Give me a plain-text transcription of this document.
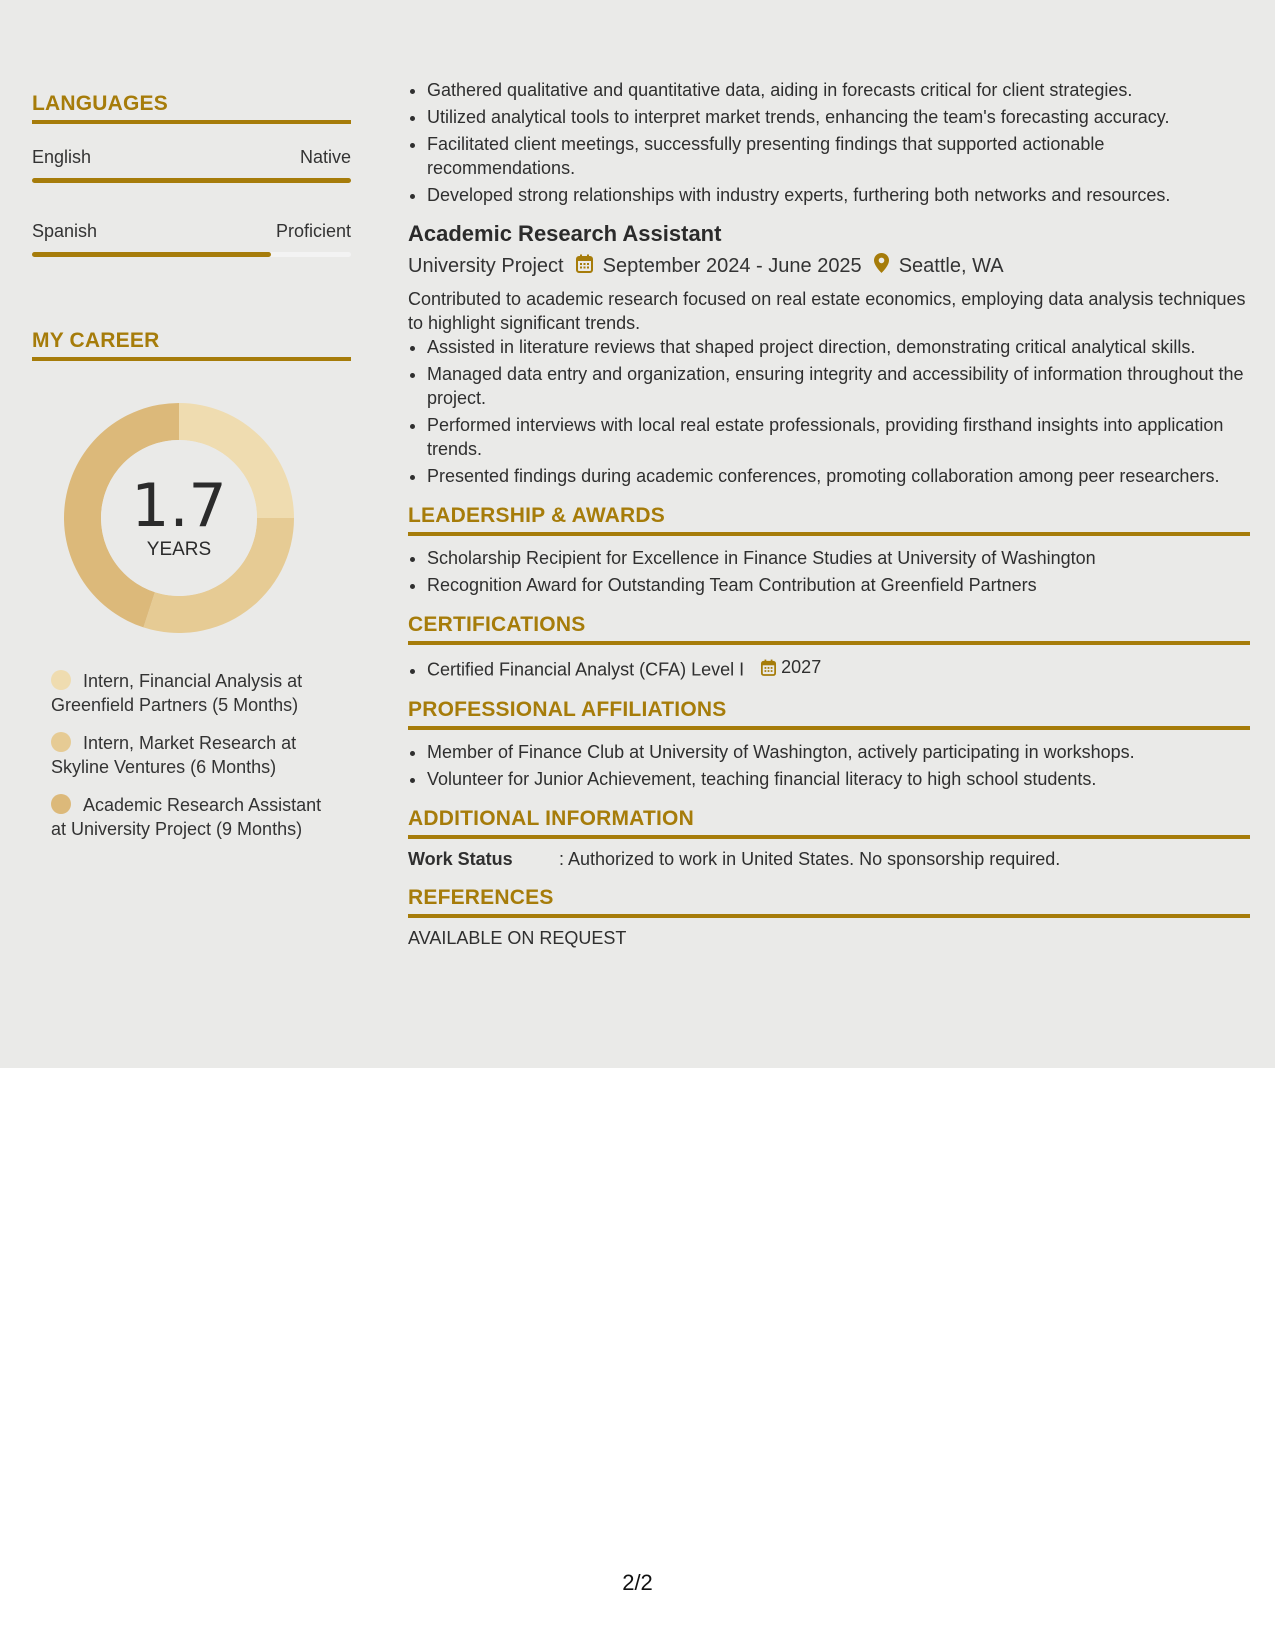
LANGUAGES
English	Native
Spanish	Proficient
MY CAREER
1.7
YEARS
Intern, Financial Analysis at Greenfield Partners (5 Months)
Intern, Market Research at Skyline Ventures (6 Months)
Academic Research Assistant at University Project (9 Months)
• Gathered qualitative and quantitative data, aiding in forecasts critical for client strategies.
• Utilized analytical tools to interpret market trends, enhancing the team's forecasting accuracy.
• Facilitated client meetings, successfully presenting findings that supported actionable recommendations.
• Developed strong relationships with industry experts, furthering both networks and resources.
Academic Research Assistant
University Project September 2024 - June 2025 Seattle, WA
Contributed to academic research focused on real estate economics, employing data analysis techniques to highlight significant trends.
• Assisted in literature reviews that shaped project direction, demonstrating critical analytical skills.
• Managed data entry and organization, ensuring integrity and accessibility of information throughout the project.
• Performed interviews with local real estate professionals, providing firsthand insights into application trends.
• Presented findings during academic conferences, promoting collaboration among peer researchers.
LEADERSHIP & AWARDS
• Scholarship Recipient for Excellence in Finance Studies at University of Washington
• Recognition Award for Outstanding Team Contribution at Greenfield Partners
CERTIFICATIONS
• Certified Financial Analyst (CFA) Level I 2027
PROFESSIONAL AFFILIATIONS
• Member of Finance Club at University of Washington, actively participating in workshops.
• Volunteer for Junior Achievement, teaching financial literacy to high school students.
ADDITIONAL INFORMATION
Work Status	: Authorized to work in United States. No sponsorship required.
REFERENCES
AVAILABLE ON REQUEST
2/2
